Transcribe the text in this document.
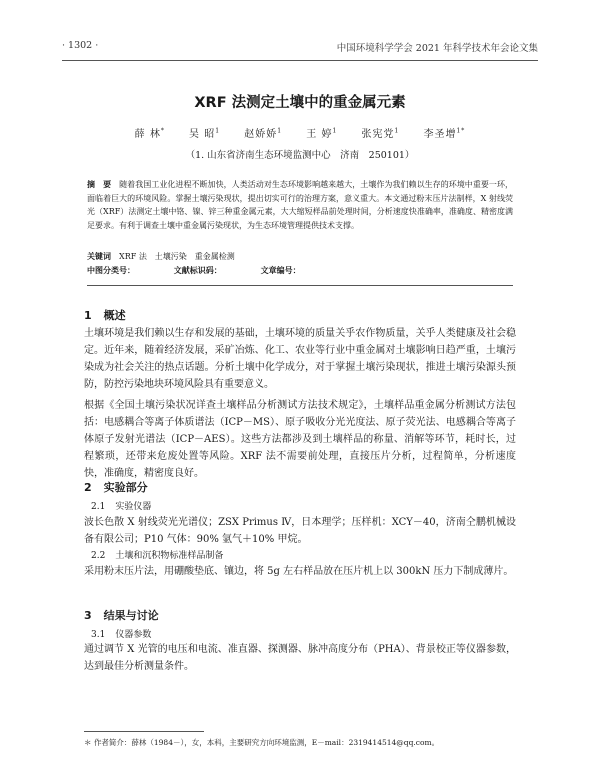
· 1302 ·	中国环境科学学会 2021 年科学技术年会论文集
XRF 法测定土壤中的重金属元素
薛 林* 吴 昭$^1$ 赵娇娇$^1$ 王 婷$^1$ 张宪党$^1$ 李圣增$^{1*}$
（1. 山东省济南生态环境监测中心　济南　250101）
摘　要 随着我国工业化进程不断加快，人类活动对生态环境影响越来越大，土壤作为我们赖以生存的环境中重要一环，面临着巨大的环境风险。掌握土壤污染现状，提出切实可行的治理方案，意义重大。本文通过粉末压片法制样，X 射线荧光（XRF）法测定土壤中铬、镍、锌三种重金属元素，大大缩短样品前处理时间，分析速度快准确率，准确度、精密度满足要求。有利于调查土壤中重金属污染现状，为生态环境管理提供技术支撑。
关键词 XRF 法　土壤污染　重金属检测
中图分类号：	文献标识码：	文章编号：
1 概述
土壤环境是我们赖以生存和发展的基础，土壤环境的质量关乎农作物质量，关乎人类健康及社会稳定。近年来，随着经济发展，采矿冶炼、化工、农业等行业中重金属对土壤影响日趋严重，土壤污染成为社会关注的热点话题。分析土壤中化学成分，对于掌握土壤污染现状，推进土壤污染源头预防，防控污染地块环境风险具有重要意义。
根据《全国土壤污染状况详查土壤样品分析测试方法技术规定》，土壤样品重金属分析测试方法包括：电感耦合等离子体质谱法（ICP－MS）、原子吸收分光光度法、原子荧光法、电感耦合等离子体原子发射光谱法（ICP－AES）。这些方法都涉及到土壤样品的称量、消解等环节，耗时长，过程繁琐，还带来危废处置等风险。XRF 法不需要前处理，直接压片分析，过程简单，分析速度快，准确度，精密度良好。
2 实验部分
2.1 实验仪器
波长色散 X 射线荧光光谱仪；ZSX Primus Ⅳ，日本理学；压样机：XCY－40，济南仝鹏机械设备有限公司；P10 气体：90% 氩气＋10% 甲烷。
2.2 土壤和沉积物标准样品制备
采用粉末压片法，用硼酸垫底、镶边，将 5g 左右样品放在压片机上以 300kN 压力下制成薄片。
3 结果与讨论
3.1 仪器参数
通过调节 X 光管的电压和电流、准直器、探测器、脉冲高度分布（PHA）、背景校正等仪器参数，达到最佳分析测量条件。
＊ 作者简介：薛林（1984－），女，本科，主要研究方向环境监测，E－mail：2319414514@qq.com。
